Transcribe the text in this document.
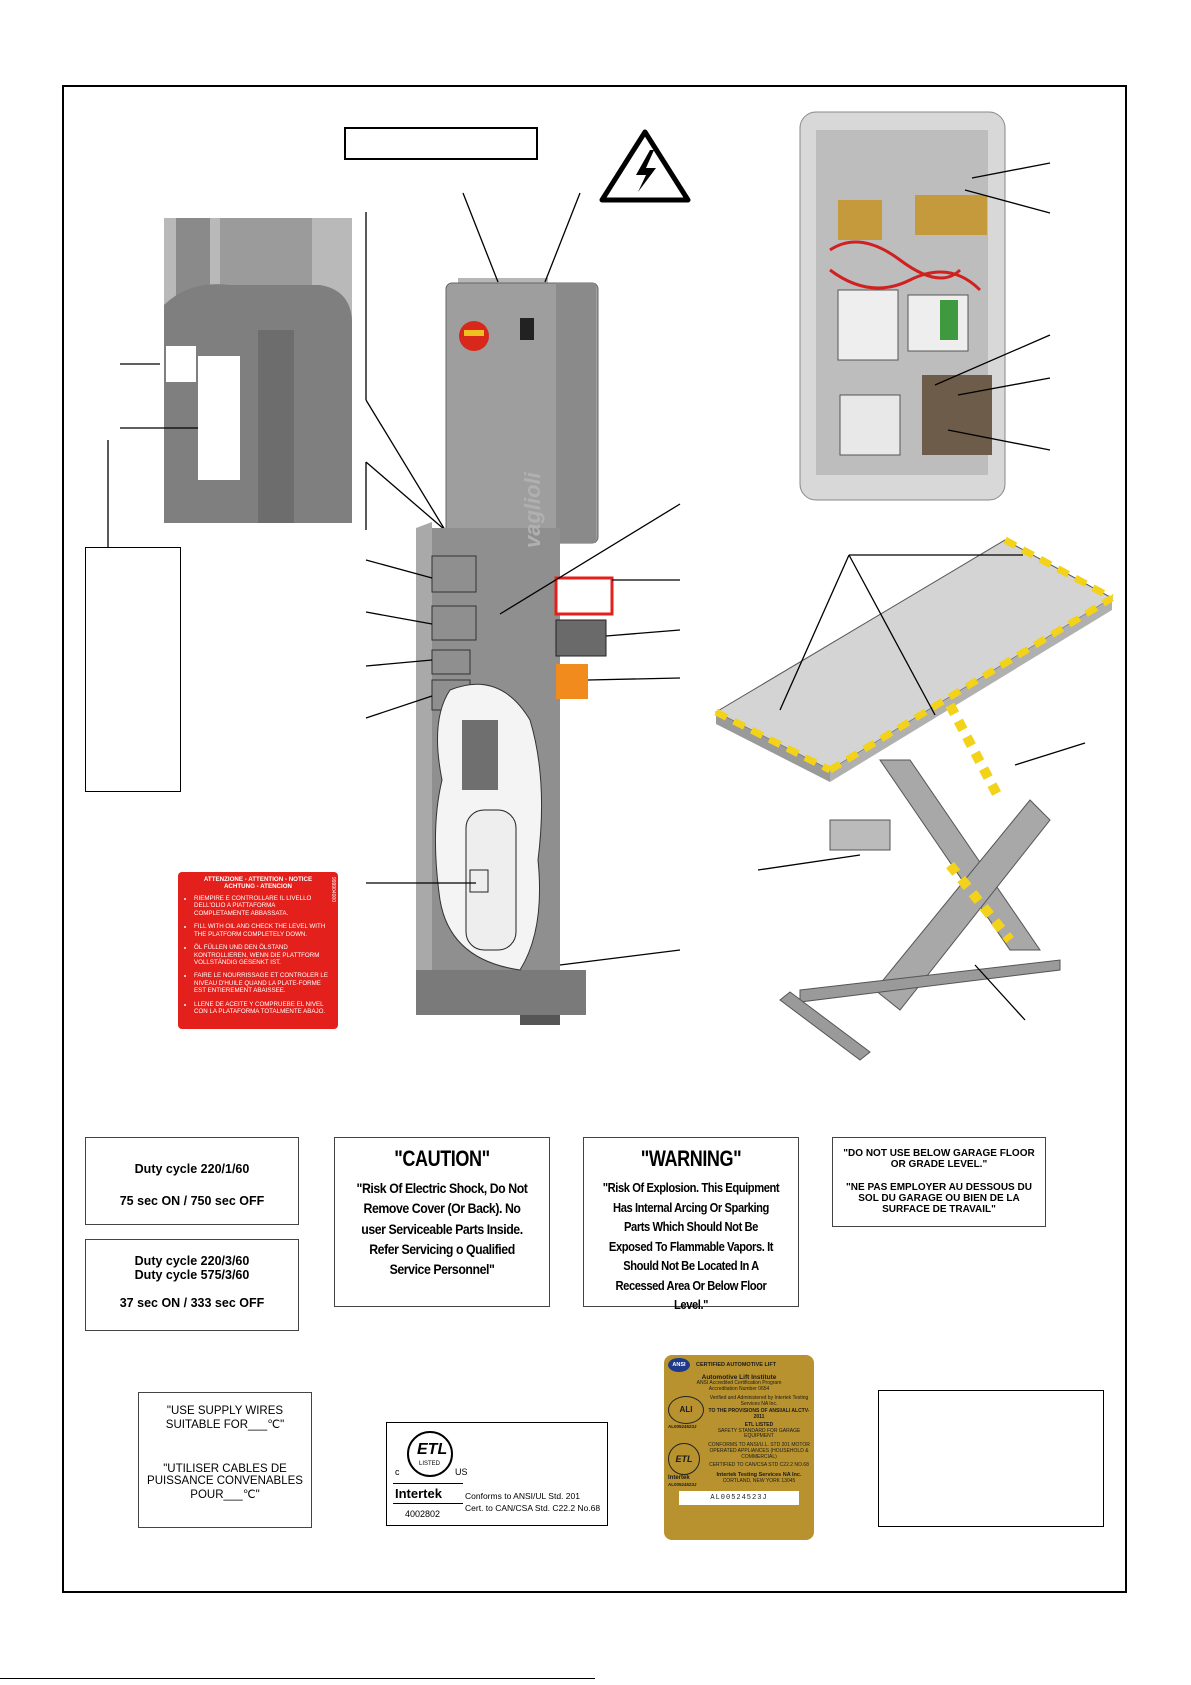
vaglioli
ATTENZIONE - ATTENTION - NOTICE
ACHTUNG - ATENCION	999904000
• RIEMPIRE E CONTROLLARE IL LIVELLO DELL'OLIO A PIATTAFORMA COMPLETAMENTE ABBASSATA.
• FILL WITH OIL AND CHECK THE LEVEL WITH THE PLATFORM COMPLETELY DOWN.
• ÖL FÜLLEN UND DEN ÖLSTAND KONTROLLIEREN, WENN DIE PLATTFORM VOLLSTÄNDIG GESENKT IST.
• FAIRE LE NOURRISSAGE ET CONTROLER LE NIVEAU D'HUILE QUAND LA PLATE-FORME EST ENTIEREMENT ABAISSEE.
• LLENE DE ACEITE Y COMPRUEBE EL NIVEL CON LA PLATAFORMA TOTALMENTE ABAJO.
Duty cycle 220/1/60
75 sec ON / 750 sec OFF
Duty cycle 220/3/60
Duty cycle 575/3/60
37 sec ON / 333 sec OFF
"CAUTION"
"Risk Of Electric Shock, Do Not Remove Cover (Or Back). No user Serviceable Parts Inside. Refer Servicing o Qualified Service Personnel"
"WARNING"
"Risk Of Explosion. This Equipment Has Internal Arcing Or Sparking Parts Which Should Not Be Exposed To Flammable Vapors. It Should Not Be Located In A Recessed Area Or Below Floor Level."
"DO NOT USE BELOW GARAGE FLOOR OR GRADE LEVEL."
"NE PAS EMPLOYER AU DESSOUS DU SOL DU GARAGE OU BIEN DE LA SURFACE DE TRAVAIL"
"USE SUPPLY WIRES SUITABLE FOR___℃"
"UTILISER CABLES DE PUISSANCE CONVENABLES POUR___℃"
ETL
LISTED
c	US
Intertek
4002802
Conforms to ANSI/UL Std. 201
Cert. to CAN/CSA Std. C22.2 No.68
ANSI	CERTIFIED AUTOMOTIVE LIFT
Automotive Lift Institute
ANSI Accredited Certification Program
Accreditation Number 0654
ALI
AL00524523J
Verified and Administered by Intertek Testing Services NA Inc.
TO THE PROVISIONS OF ANSI/ALI ALCTV-2011
ETL LISTED
SAFETY STANDARD FOR GARAGE EQUIPMENT
ETL
Intertek
AL00524523J
CONFORMS TO ANSI/U.L. STD 201 MOTOR OPERATED APPLIANCES (HOUSEHOLD & COMMERCIAL)
CERTIFIED TO CAN/CSA STD C22.2 NO.68
Intertek Testing Services NA Inc.
CORTLAND, NEW YORK 13045
AL00524523J
